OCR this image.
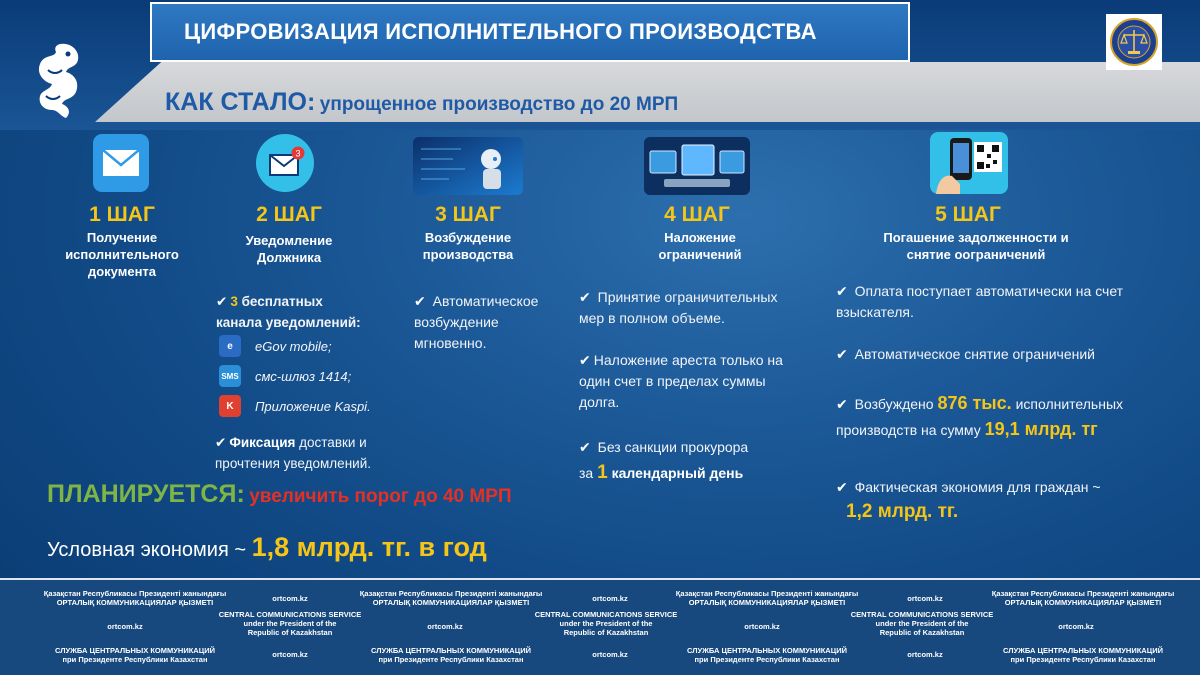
ЦИФРОВИЗАЦИЯ ИСПОЛНИТЕЛЬНОГО ПРОИЗВОДСТВА
КАК СТАЛО: упрощенное производство до 20 МРП
3
1 ШАГ	2 ШАГ	3 ШАГ	4 ШАГ	5 ШАГ
Получение
исполнительного
документа
Уведомление
Должника
Возбуждение
производства
Наложение
ограничений
Погашение задолженности и
снятие оограничений
✔ 3 бесплатных
канала уведомлений:
e	eGov mobile;
SMS смс-шлюз 1414;
K	Приложение Kaspi.
✔ Фиксация доставки и
прочтения уведомлений.
✔ Автоматическое
возбуждение
мгновенно.
✔ Принятие ограничительных
мер в полном объеме.
✔ Наложение ареста только на
один счет в пределах суммы
долга.
✔ Без санкции прокурора
за 1 календарный день
✔ Оплата поступает автоматически на счет
взыскателя.
✔ Автоматическое снятие ограничений
✔ Возбуждено 876 тыс. исполнительных
производств на сумму 19,1 млрд. тг
✔ Фактическая экономия для граждан ~
1,2 млрд. тг.
ПЛАНИРУЕТСЯ: увеличить порог до 40 МРП
Условная экономия ~ 1,8 млрд. тг. в год
Қазақстан Республикасы Президенті жанындағы
ОРТАЛЫҚ КОММУНИКАЦИЯЛАР ҚЫЗМЕТІ	ortcom.kz
Қазақстан Республикасы Президенті жанындағы
ОРТАЛЫҚ КОММУНИКАЦИЯЛАР ҚЫЗМЕТІ	ortcom.kz
Қазақстан Республикасы Президенті жанындағы
ОРТАЛЫҚ КОММУНИКАЦИЯЛАР ҚЫЗМЕТІ	ortcom.kz
Қазақстан Республикасы Президенті жанындағы
ОРТАЛЫҚ КОММУНИКАЦИЯЛАР ҚЫЗМЕТІ
ortcom.kz
CENTRAL COMMUNICATIONS SERVICE
under the President of the
Republic of Kazakhstan
ortcom.kz
CENTRAL COMMUNICATIONS SERVICE
under the President of the
Republic of Kazakhstan
ortcom.kz
CENTRAL COMMUNICATIONS SERVICE
under the President of the
Republic of Kazakhstan
ortcom.kz
СЛУЖБА ЦЕНТРАЛЬНЫХ КОММУНИКАЦИЙ
при Президенте Республики Казахстан
ortcom.kz	СЛУЖБА ЦЕНТРАЛЬНЫХ КОММУНИКАЦИЙ
при Президенте Республики Казахстан
ortcom.kz	СЛУЖБА ЦЕНТРАЛЬНЫХ КОММУНИКАЦИЙ
при Президенте Республики Казахстан
ortcom.kz	СЛУЖБА ЦЕНТРАЛЬНЫХ КОММУНИКАЦИЙ
при Президенте Республики Казахстан
